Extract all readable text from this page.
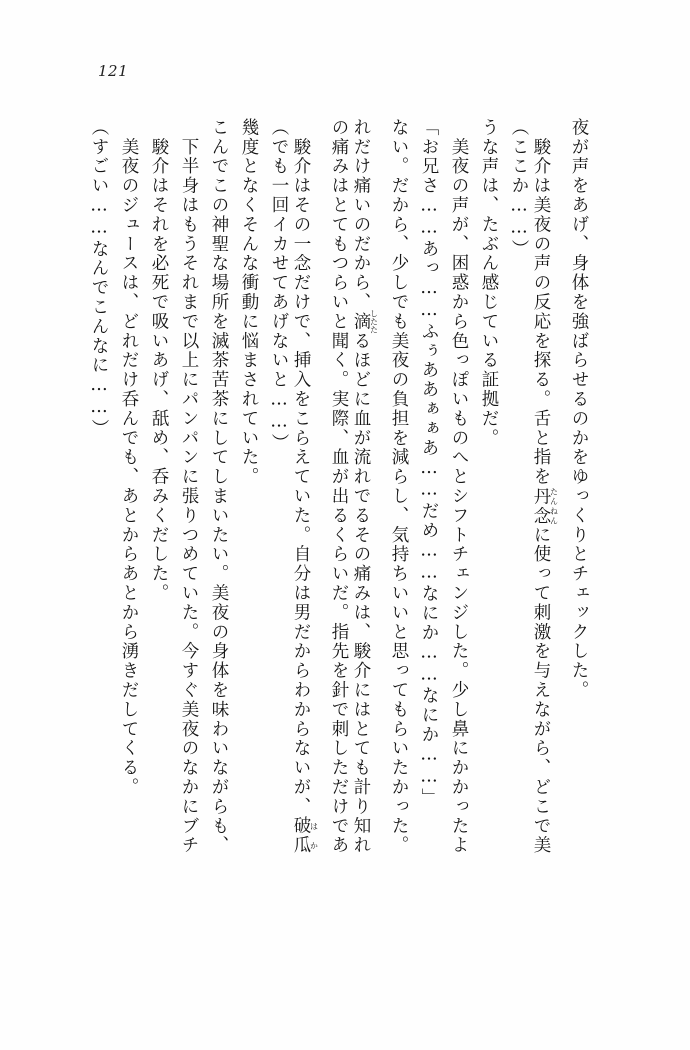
121
（すごい……なんでこんなに……） 　美夜のジュースは、どれだけ呑んでも、あとからあとから湧きだしてくる。 　駿介はそれを必死で吸いあげ、舐め、呑みくだした。 　下半身はもうそれまで以上にパンパンに張りつめていた。今すぐ美夜のなかにブチ こんでこの神聖な場所を滅茶苦茶にしてしまいたい。美夜の身体を味わいながらも、 幾度となくそんな衝動に悩まされていた。 （でも一回イカせてあげないと……） 　駿介はその一念だけで、挿入をこらえていた。自分は男だからわからないが、破瓜はか の痛みはとてもつらいと聞く。実際、血が出るくらいだ。指先を針で刺しただけであ れだけ痛いのだから、滴したたるほどに血が流れでるその痛みは、駿介にはとても計り知れ	ない。だから、少しでも美夜の負担を減らし、気持ちいいと思ってもらいたかった。 「お兄さ……あっ……ふぅああぁぁあ……だめ……なにか……なにか……」 　美夜の声が、困惑から色っぽいものへとシフトチェンジした。少し鼻にかかったよ うな声は、たぶん感じている証拠だ。 （ここか……） 　駿介は美夜の声の反応を探る。舌と指を丹念たんねんに使って刺激を与えながら、どこで美	夜が声をあげ、身体を強ばらせるのかをゆっくりとチェックした。
